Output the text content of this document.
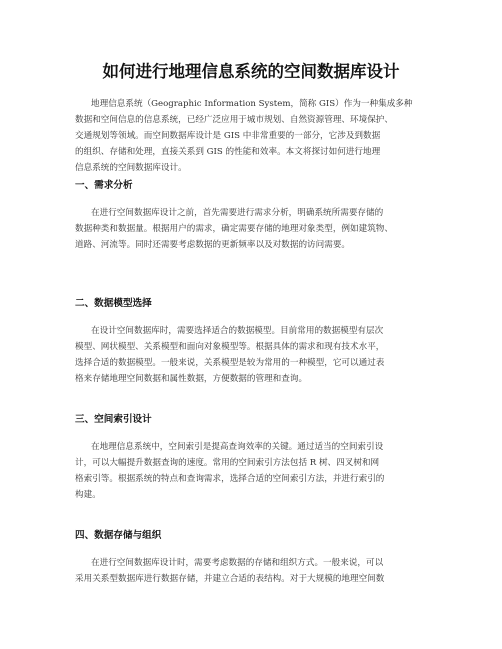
如何进行地理信息系统的空间数据库设计

地理信息系统（Geographic Information System，简称 GIS）作为一种集成多种
数据和空间信息的信息系统，已经广泛应用于城市规划、自然资源管理、环境保护、
交通规划等领域。而空间数据库设计是 GIS 中非常重要的一部分，它涉及到数据
的组织、存储和处理，直接关系到 GIS 的性能和效率。本文将探讨如何进行地理
信息系统的空间数据库设计。

一、需求分析

在进行空间数据库设计之前，首先需要进行需求分析，明确系统所需要存储的
数据种类和数据量。根据用户的需求，确定需要存储的地理对象类型，例如建筑物、
道路、河流等。同时还需要考虑数据的更新频率以及对数据的访问需要。

二、数据模型选择

在设计空间数据库时，需要选择适合的数据模型。目前常用的数据模型有层次
模型、网状模型、关系模型和面向对象模型等。根据具体的需求和现有技术水平，
选择合适的数据模型。一般来说，关系模型是较为常用的一种模型，它可以通过表
格来存储地理空间数据和属性数据，方便数据的管理和查询。

三、空间索引设计

在地理信息系统中，空间索引是提高查询效率的关键。通过适当的空间索引设
计，可以大幅提升数据查询的速度。常用的空间索引方法包括 R 树、四叉树和网
格索引等。根据系统的特点和查询需求，选择合适的空间索引方法，并进行索引的
构建。

四、数据存储与组织

在进行空间数据库设计时，需要考虑数据的存储和组织方式。一般来说，可以
采用关系型数据库进行数据存储，并建立合适的表结构。对于大规模的地理空间数
